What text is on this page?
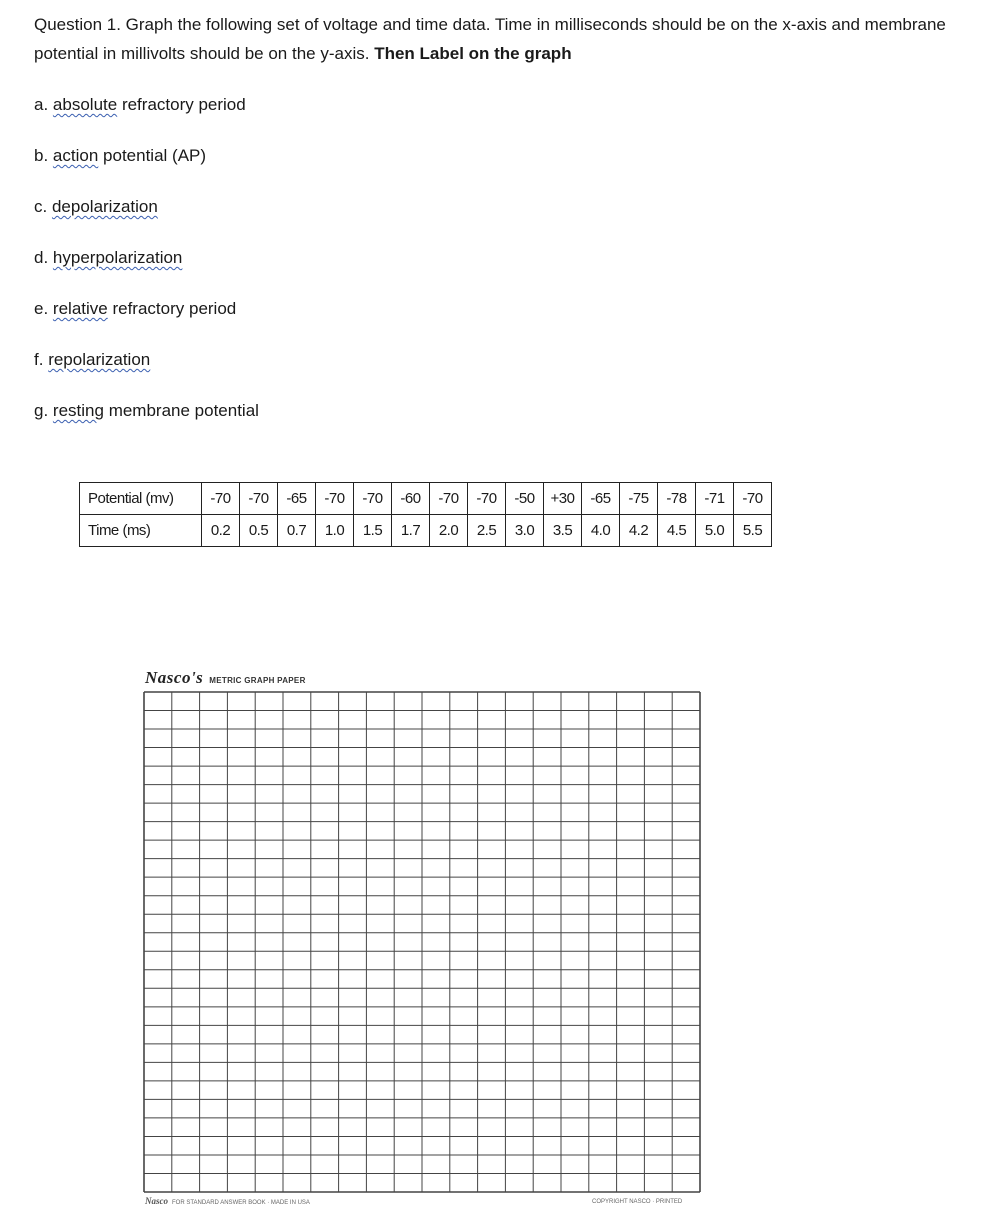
Question 1. Graph the following set of voltage and time data. Time in milliseconds should be on the x-axis and membrane potential in millivolts should be on the y-axis. Then Label on the graph

a. absolute refractory period
b. action potential (AP)
c. depolarization
d. hyperpolarization
e. relative refractory period
f. repolarization
g. resting membrane potential
Potential (mv)	-70	-70	-65	-70	-70	-60	-70	-70	-50	+30	-65	-75	-78	-71	-70
Time (ms)	0.2	0.5	0.7	1.0	1.5	1.7	2.0	2.5	3.0	3.5	4.0	4.2	4.5	5.0	5.5
Nasco's METRIC GRAPH PAPER
Nasco FOR STANDARD ANSWER BOOK · MADE IN USA	COPYRIGHT NASCO · PRINTED
